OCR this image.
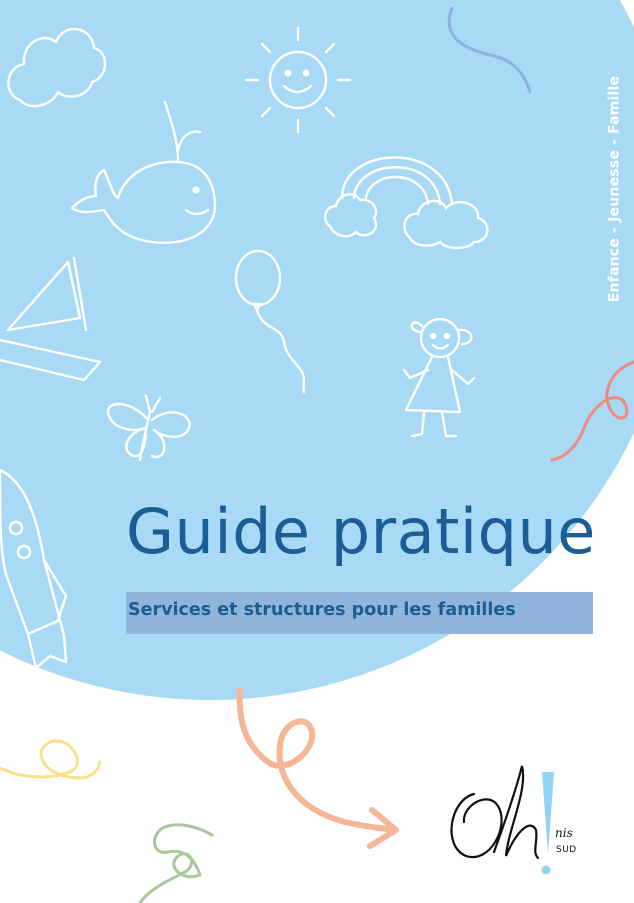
Enfance - Jeunesse - Famille
Guide pratique
Services et structures pour les familles
nis
SUD
